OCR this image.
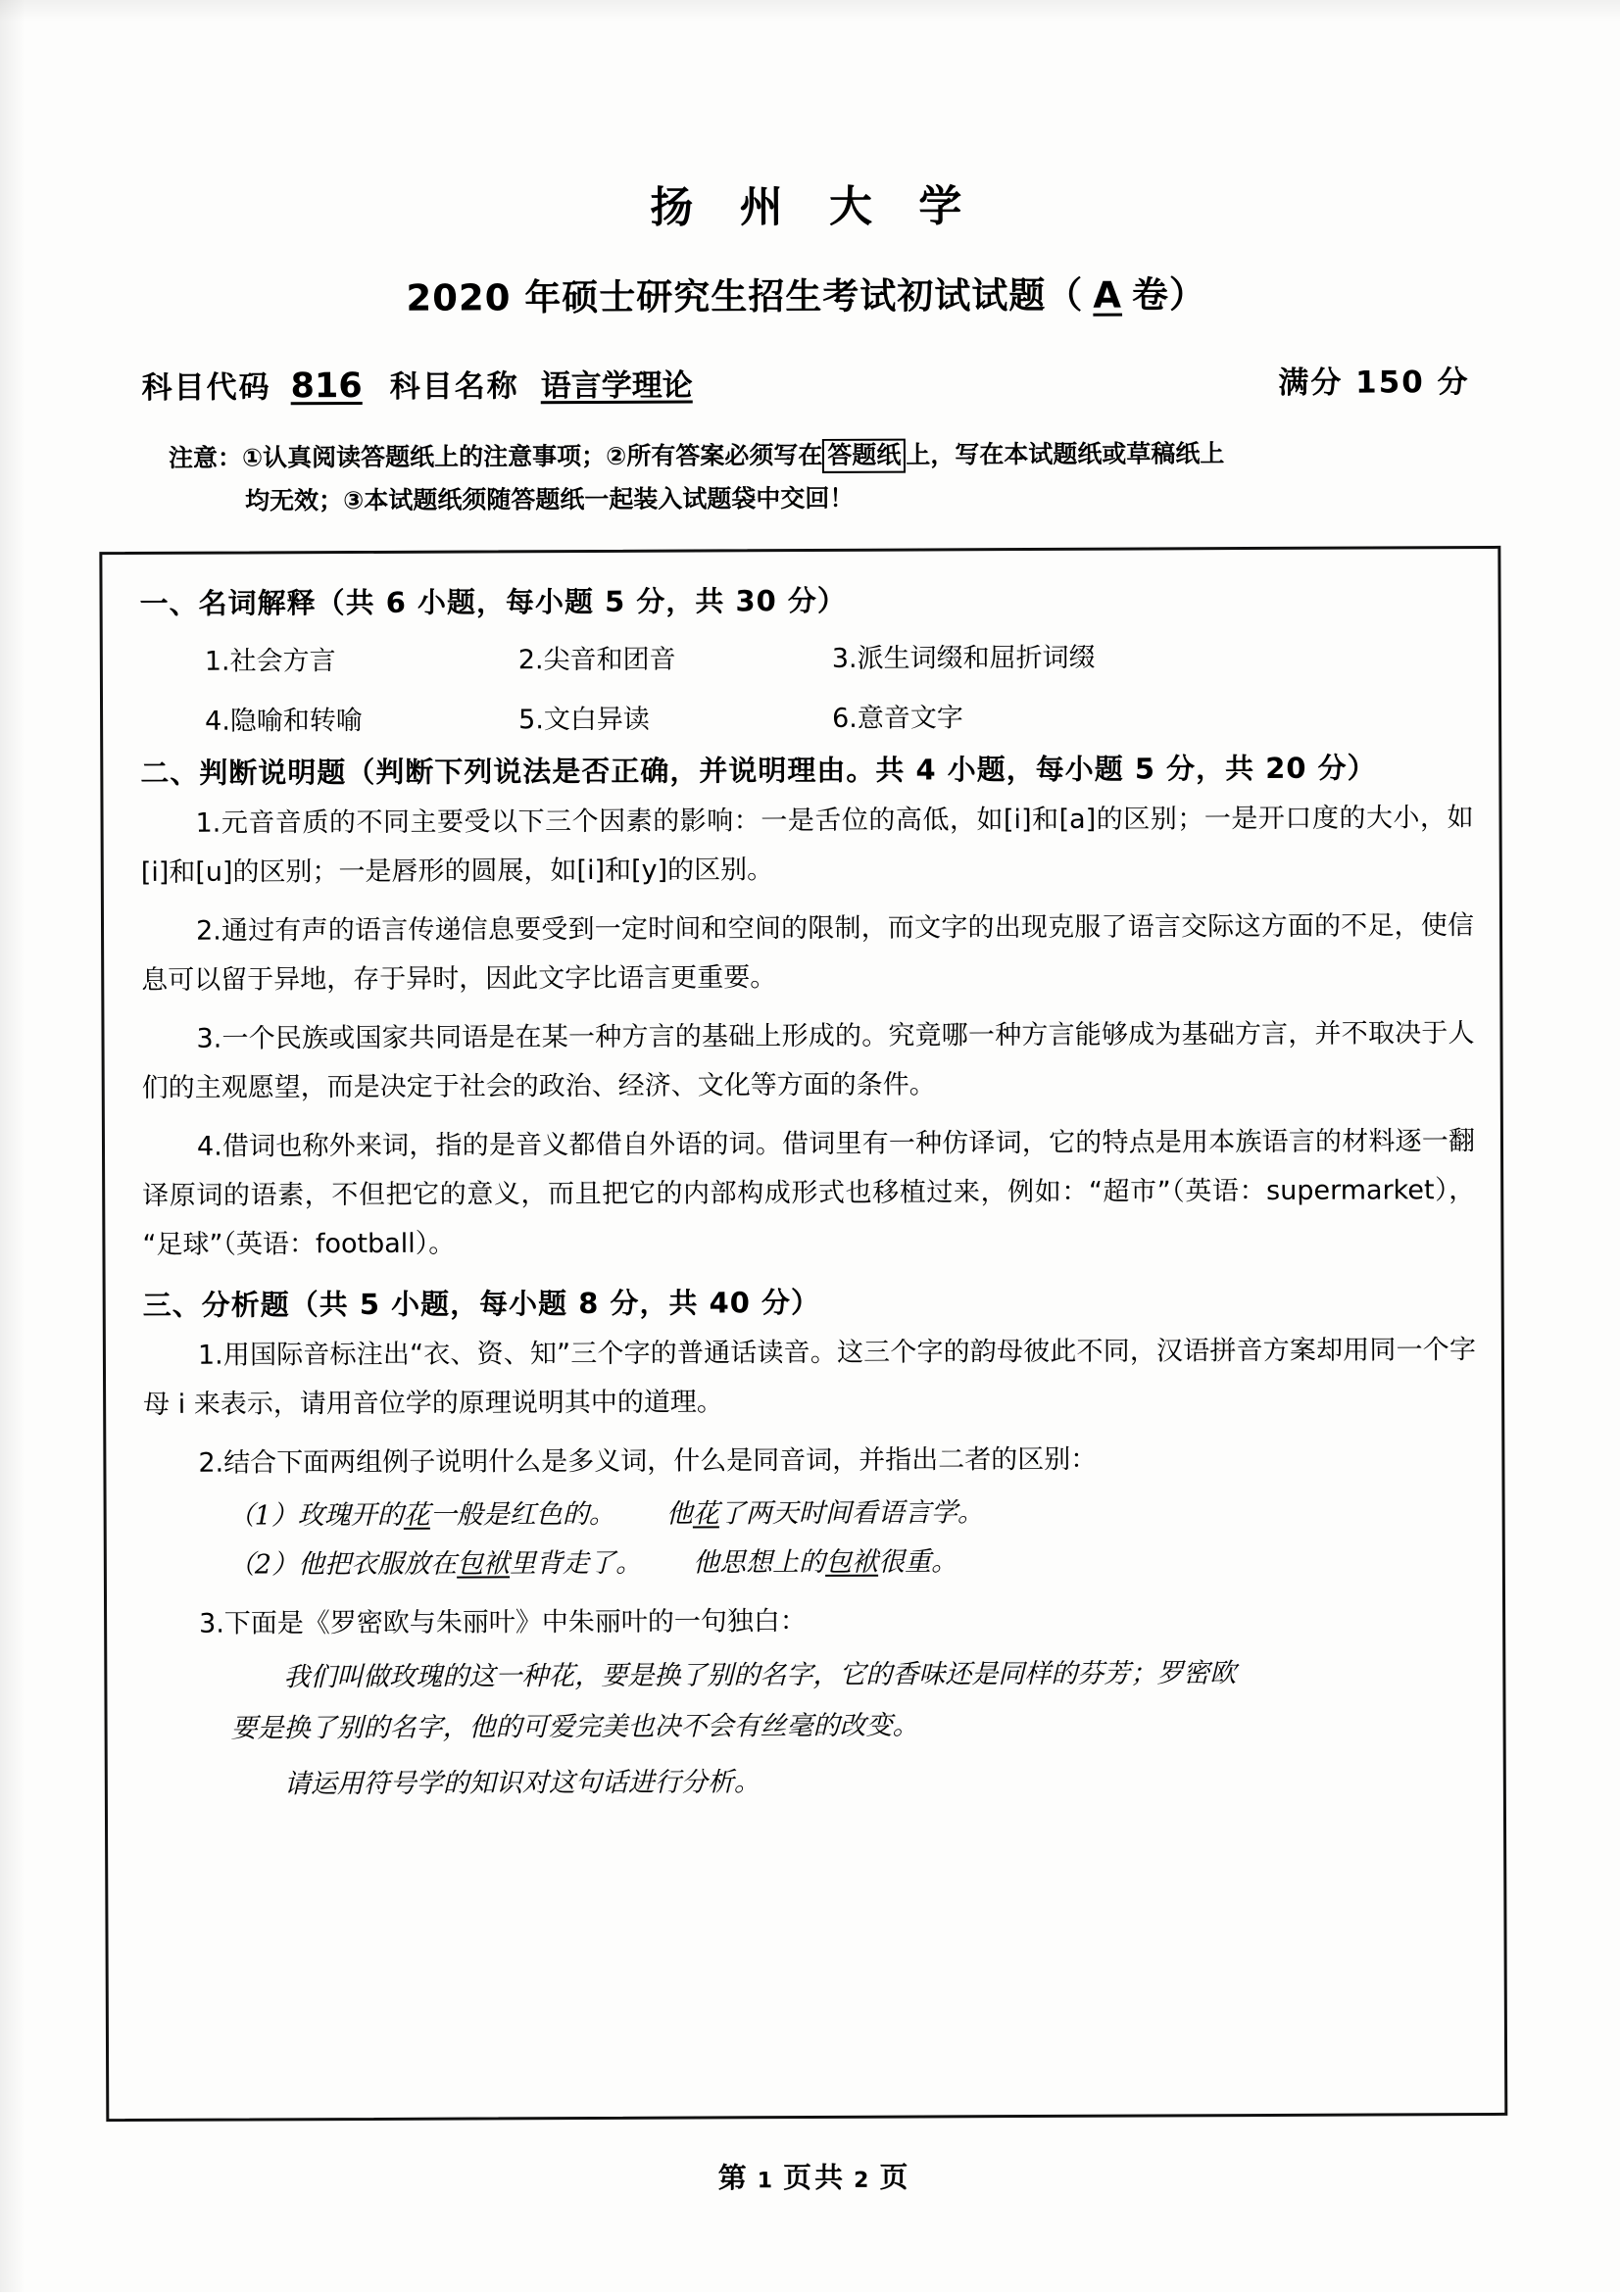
扬 州 大 学
2020 年硕士研究生招生考试初试试题（ A 卷）
满分 150 分
科目代码 816 科目名称 语言学理论
注意：①认真阅读答题纸上的注意事项；②所有答案必须写在 答题纸 上，写在本试题纸或草稿纸上
均无效；③本试题纸须随答题纸一起装入试题袋中交回！
一、名词解释（共 6 小题，每小题 5 分，共 30 分）
1.社会方言	2.尖音和团音	3.派生词缀和屈折词缀
4.隐喻和转喻	5.文白异读	6.意音文字
二、判断说明题（判断下列说法是否正确，并说明理由。共 4 小题，每小题 5 分，共 20 分）
1.元音音质的不同主要受以下三个因素的影响：一是舌位的高低，如[i]和[a]的区别；一是开口度的大小，如[i]和[u]的区别；一是唇形的圆展，如[i]和[y]的区别。
2.通过有声的语言传递信息要受到一定时间和空间的限制，而文字的出现克服了语言交际这方面的不足，使信息可以留于异地，存于异时，因此文字比语言更重要。
3.一个民族或国家共同语是在某一种方言的基础上形成的。究竟哪一种方言能够成为基础方言，并不取决于人们的主观愿望，而是决定于社会的政治、经济、文化等方面的条件。
4.借词也称外来词，指的是音义都借自外语的词。借词里有一种仿译词，它的特点是用本族语言的材料逐一翻译原词的语素，不但把它的意义，而且把它的内部构成形式也移植过来，例如：“超市”（英语：supermarket），“足球”（英语：football）。
三、分析题（共 5 小题，每小题 8 分，共 40 分）
1.用国际音标注出“衣、资、知”三个字的普通话读音。这三个字的韵母彼此不同，汉语拼音方案却用同一个字母 i 来表示，请用音位学的原理说明其中的道理。
2.结合下面两组例子说明什么是多义词，什么是同音词，并指出二者的区别：
（1）玫瑰开的花一般是红色的。 他花了两天时间看语言学。
（2）他把衣服放在包袱里背走了。 他思想上的包袱很重。
3.下面是《罗密欧与朱丽叶》中朱丽叶的一句独白：
我们叫做玫瑰的这一种花，要是换了别的名字，它的香味还是同样的芬芳；罗密欧
要是换了别的名字，他的可爱完美也决不会有丝毫的改变。
请运用符号学的知识对这句话进行分析。
第 1 页共 2 页
